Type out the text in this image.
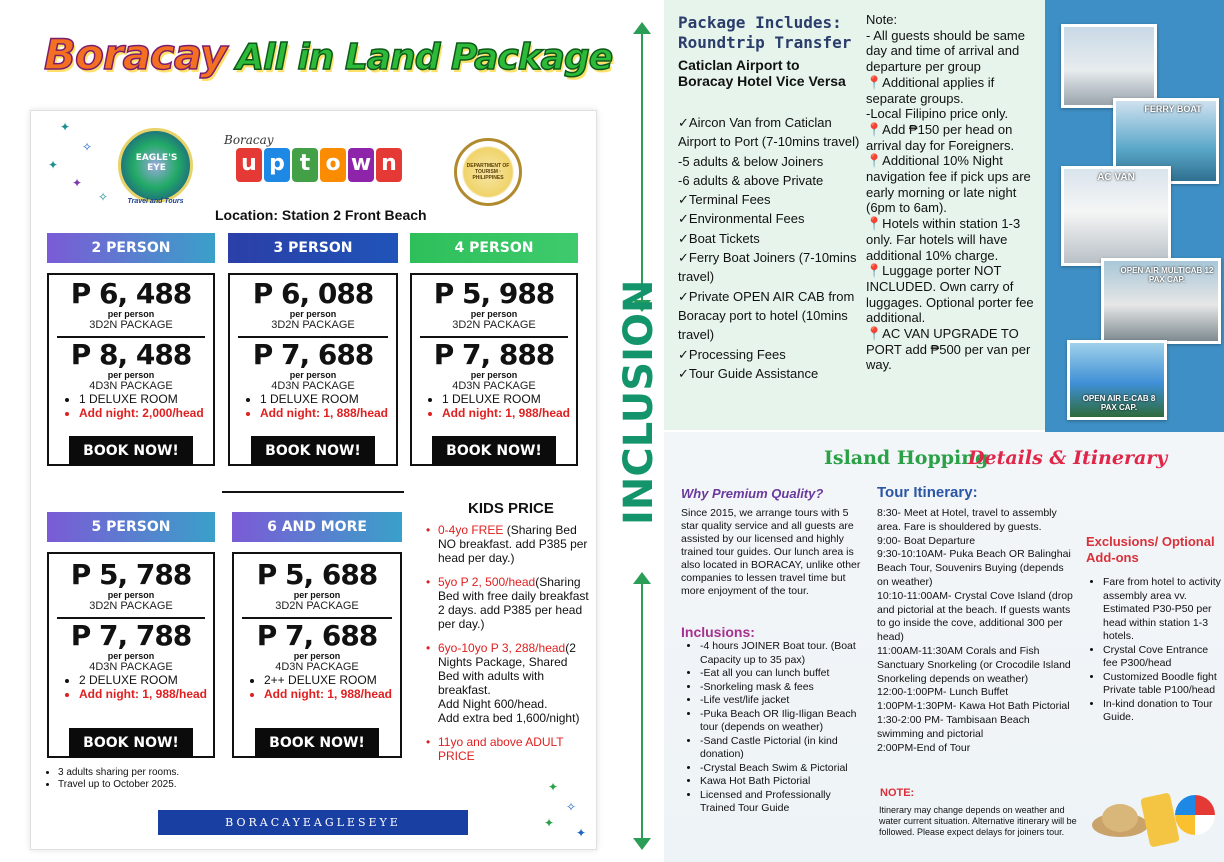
Boracay All in Land Package
✦
✧
✦
✦
✧
EAGLE'S EYE
Travel and Tours
Boracay
u p t o w n	DEPARTMENT OF TOURISM · PHILIPPINES
Location: Station 2 Front Beach
2 PERSON
P 6, 488
per person
3D2N PACKAGE
P 8, 488
per person
4D3N PACKAGE
• 1 DELUXE ROOM
• Add night: 2,000/head
BOOK NOW!
3 PERSON
P 6, 088
per person
3D2N PACKAGE
P 7, 688
per person
4D3N PACKAGE
• 1 DELUXE ROOM
• Add night: 1, 888/head
BOOK NOW!
4 PERSON
P 5, 988
per person
3D2N PACKAGE
P 7, 888
per person
4D3N PACKAGE
• 1 DELUXE ROOM
• Add night: 1, 988/head
BOOK NOW!
5 PERSON
P 5, 788
per person
3D2N PACKAGE
P 7, 788
per person
4D3N PACKAGE
• 2 DELUXE ROOM
• Add night: 1, 988/head
BOOK NOW!
6 AND MORE
P 5, 688
per person
3D2N PACKAGE
P 7, 688
per person
4D3N PACKAGE
• 2++ DELUXE ROOM
• Add night: 1, 988/head
BOOK NOW!
KIDS PRICE
• 0-4yo FREE (Sharing Bed NO breakfast. add P385 per head per day.)
• 5yo P 2, 500/head(Sharing Bed with free daily breakfast 2 days. add P385 per head per day.)
• 6yo-10yo P 3, 288/head(2 Nights Package, Shared Bed with adults with breakfast.
Add Night 600/head.
Add extra bed 1,600/night)
• 11yo and above ADULT PRICE
• 3 adults sharing per rooms.
• Travel up to October 2025.	✦
✧
✦
✦
BORACAYEAGLESEYE
INCLUSION
Package Includes:
Roundtrip Transfer
Caticlan Airport to Boracay Hotel Vice Versa
✓Aircon Van from Caticlan Airport to Port (7-10mins travel)
-5 adults & below Joiners
-6 adults & above Private
✓Terminal Fees
✓Environmental Fees
✓Boat Tickets
✓Ferry Boat Joiners (7-10mins travel)
✓Private OPEN AIR CAB from Boracay port to hotel (10mins travel)
✓Processing Fees
✓Tour Guide Assistance
Note:
- All guests should be same day and time of arrival and departure per group
📍Additional applies if separate groups.
-Local Filipino price only.
📍Add ₱150 per head on arrival day for Foreigners.
📍Additional 10% Night navigation fee if pick ups are early morning or late night (6pm to 6am).
📍Hotels within station 1-3 only. Far hotels will have additional 10% charge.
📍Luggage porter NOT INCLUDED. Own carry of luggages. Optional porter fee additional.
📍AC VAN UPGRADE TO PORT add ₱500 per van per way.
FERRY BOAT
AC VAN
OPEN AIR MULTICAB 12 PAX CAP.
OPEN AIR E-CAB 8 PAX CAP.
Island Hopping
Details & Itinerary
Why Premium Quality?
Since 2015, we arrange tours with 5 star quality service and all guests are assisted by our licensed and highly trained tour guides. Our lunch area is also located in BORACAY, unlike other companies to lessen travel time but more enjoyment of the tour.
Inclusions:
• -4 hours JOINER Boat tour. (Boat Capacity up to 35 pax)
• -Eat all you can lunch buffet
• -Snorkeling mask & fees
• -Life vest/life jacket
• -Puka Beach OR Ilig-Iligan Beach tour (depends on weather)
• -Sand Castle Pictorial (in kind donation)
• -Crystal Beach Swim & Pictorial
• Kawa Hot Bath Pictorial
• Licensed and Professionally Trained Tour Guide
Tour Itinerary:
8:30- Meet at Hotel, travel to assembly area. Fare is shouldered by guests.
9:00- Boat Departure
9:30-10:10AM- Puka Beach OR Balinghai Beach Tour, Souvenirs Buying (depends on weather)
10:10-11:00AM- Crystal Cove Island (drop and pictorial at the beach. If guests wants to go inside the cove, additional 300 per head)
11:00AM-11:30AM Corals and Fish Sanctuary Snorkeling (or Crocodile Island Snorkeling depends on weather)
12:00-1:00PM- Lunch Buffet
1:00PM-1:30PM- Kawa Hot Bath Pictorial
1:30-2:00 PM- Tambisaan Beach swimming and pictorial
2:00PM-End of Tour
NOTE:
Itinerary may change depends on weather and water current situation. Alternative itinerary will be followed. Please expect delays for joiners tour.
Exclusions/ Optional Add-ons
• Fare from hotel to activity assembly area vv. Estimated P30-P50 per head within station 1-3 hotels.
• Crystal Cove Entrance fee P300/head
• Customized Boodle fight Private table P100/head
• In-kind donation to Tour Guide.
